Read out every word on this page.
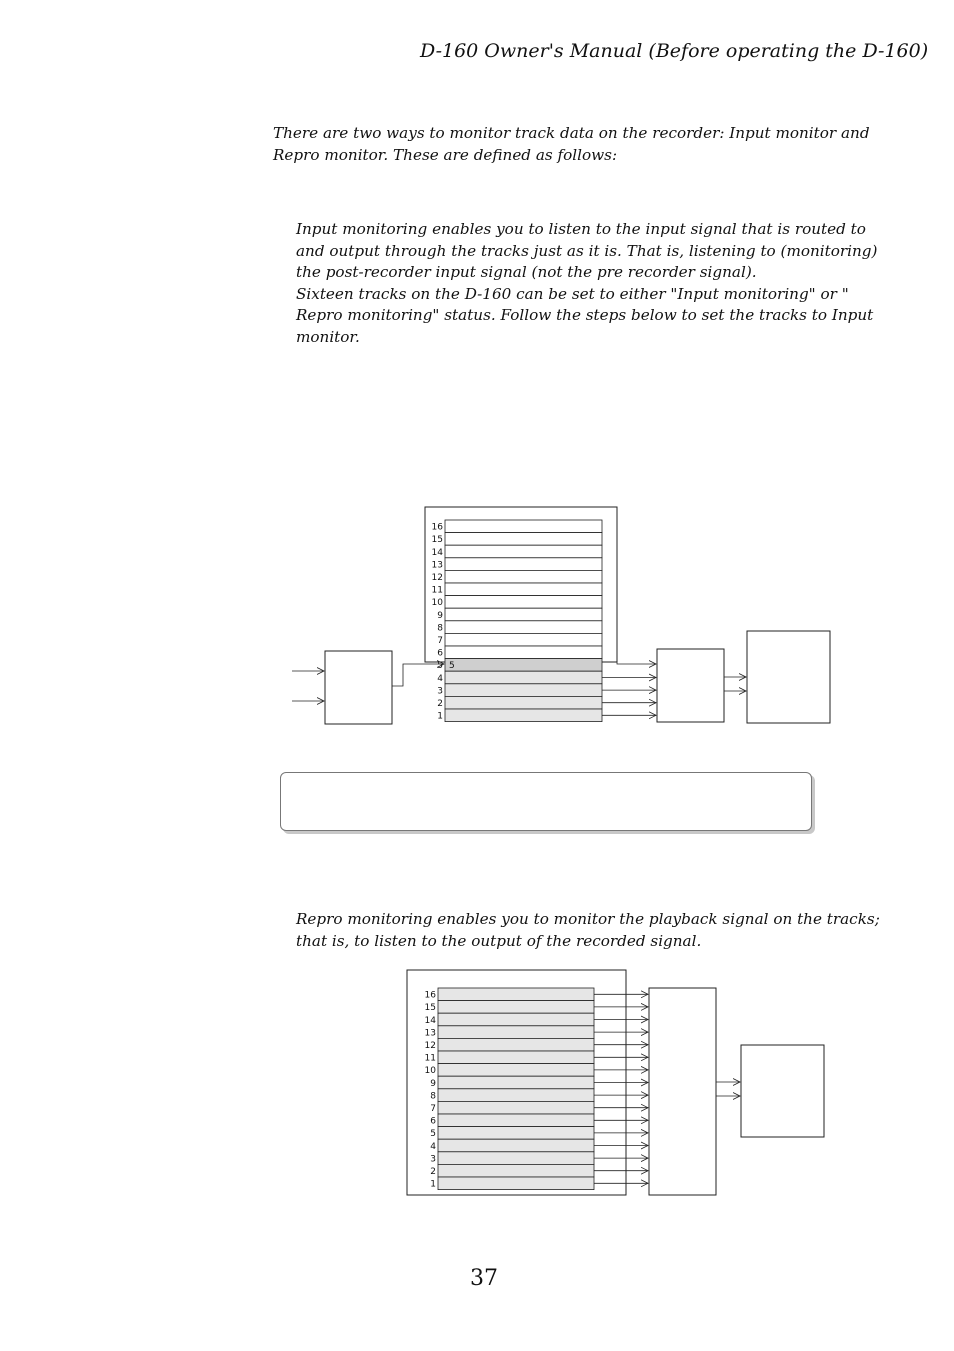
D-160 Owner's Manual (Before operating the D-160)
There are two ways to monitor track data on the recorder: Input monitor and
Repro monitor. These are defined as follows:
Input monitoring enables you to listen to the input signal that is routed to
and output through the tracks just as it is. That is, listening to (monitoring)
the post-recorder input signal (not the pre recorder signal).
Sixteen tracks on the D-160 can be set to either "Input monitoring" or "
Repro monitoring" status. Follow the steps below to set the tracks to Input
monitor.
Repro monitoring enables you to monitor the playback signal on the tracks;
that is, to listen to the output of the recorded signal.
16
15
14
13
12
11
10
9
8
7
6
5 5
4
3
2
1
16
15
14
13
12
11
10
9
8
7
6
5
4
3
2
1
37
